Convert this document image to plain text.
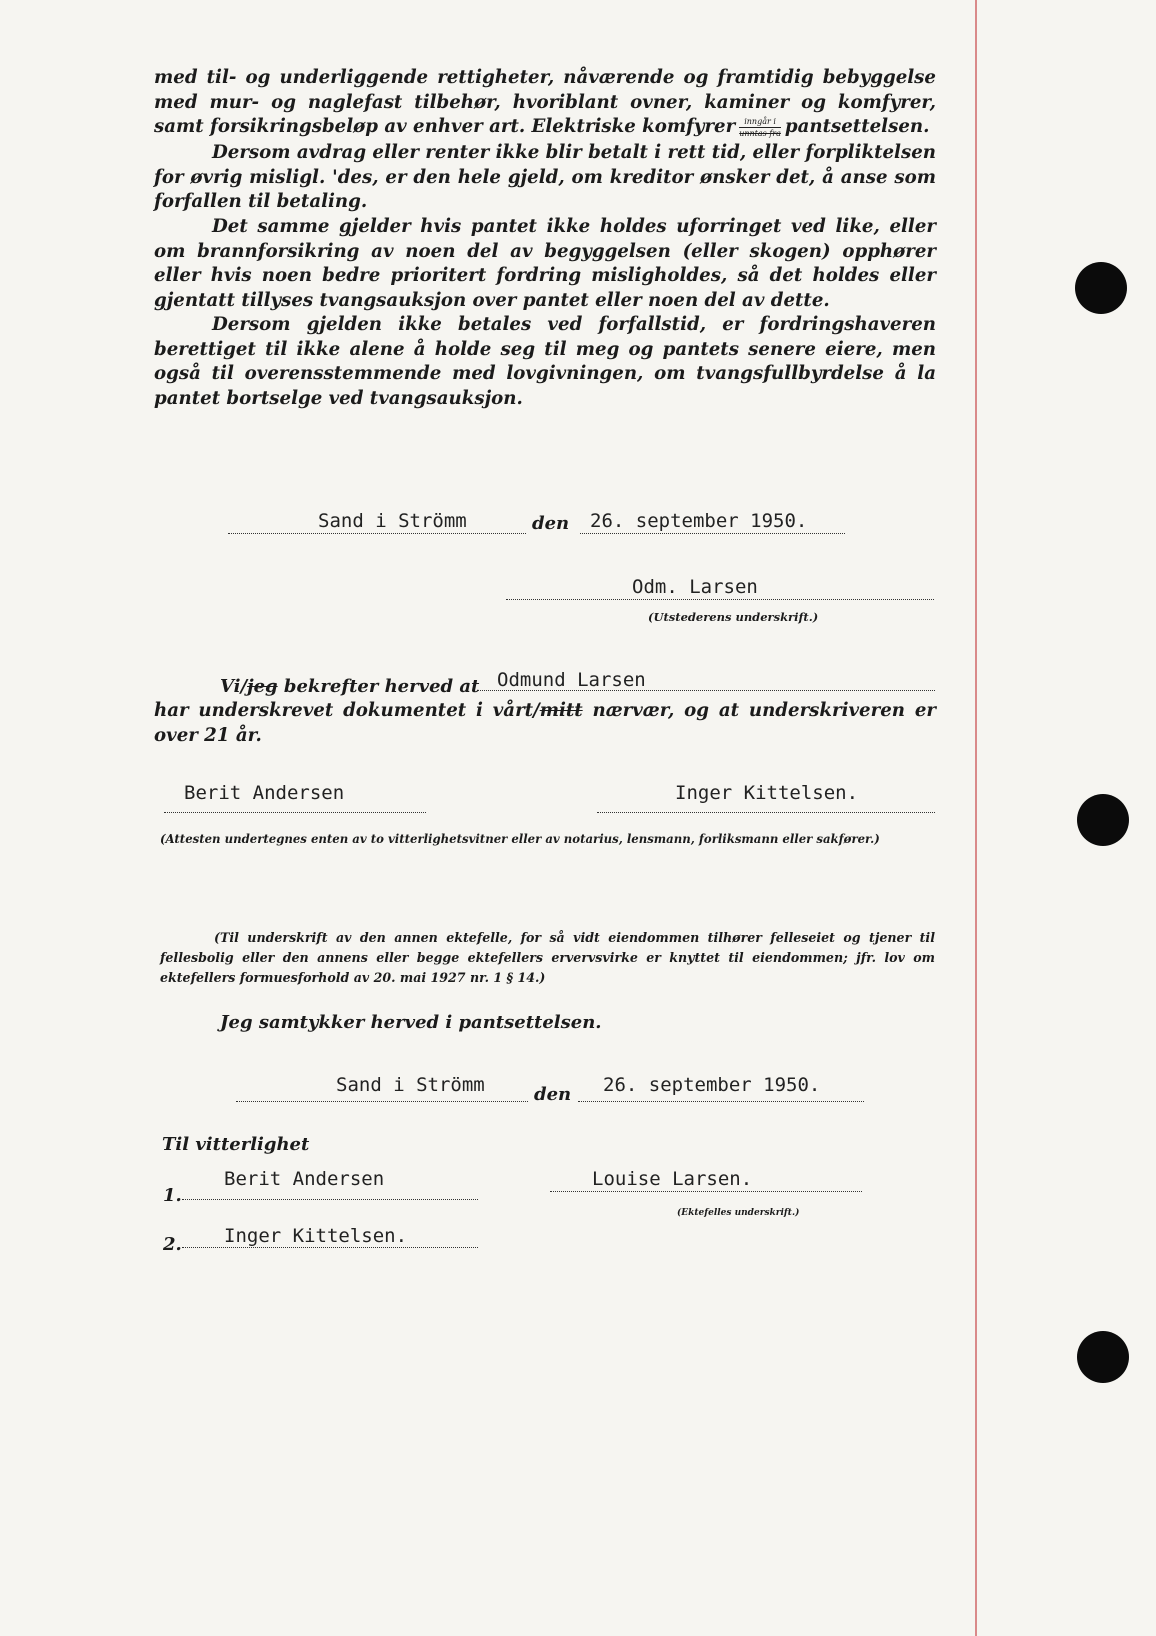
med til- og underliggende rettigheter, nåværende og framtidig bebyggelse med mur- og naglefast tilbehør, hvoriblant ovner, kaminer og komfyrer, samt forsikringsbeløp av enhver art. Elektriske komfyrer $\frac{\text{inngår i}}{\text{unntas fra}}$ pantsettelsen.

Dersom avdrag eller renter ikke blir betalt i rett tid, eller forpliktelsen for øvrig misligl. 'des, er den hele gjeld, om kreditor ønsker det, å anse som forfallen til betaling.

Det samme gjelder hvis pantet ikke holdes uforringet ved like, eller om brannforsikring av noen del av begyggelsen (eller skogen) opphører eller hvis noen bedre prioritert fordring misligholdes, så det holdes eller gjentatt tillyses tvangsauksjon over pantet eller noen del av dette.

Dersom gjelden ikke betales ved forfallstid, er fordringshaveren berettiget til ikke alene å holde seg til meg og pantets senere eiere, men også til overensstemmende med lovgivningen, om tvangsfullbyrdelse å la pantet bortselge ved tvangsauksjon.

Sand i Strömm	den 26. september 1950.
Odm. Larsen
(Utstederens underskrift.)
Vi/jeg bekrefter herved at Odmund Larsen

har underskrevet dokumentet i vårt/mitt nærvær, og at underskriveren er over 21 år.

Berit Andersen	Inger Kittelsen.
(Attesten undertegnes enten av to vitterlighetsvitner eller av notarius, lensmann, forliksmann eller sakfører.)

(Til underskrift av den annen ektefelle, for så vidt eiendommen tilhører felleseiet og tjener til fellesbolig eller den annens eller begge ektefellers ervervsvirke er knyttet til eiendommen; jfr. lov om ektefellers formuesforhold av 20. mai 1927 nr. 1 § 14.)

Jeg samtykker herved i pantsettelsen.
Sand i Strömm	den 26. september 1950.
Til vitterlighet
1.
Berit Andersen
2. Inger Kittelsen.
Louise Larsen.
(Ektefelles underskrift.)
